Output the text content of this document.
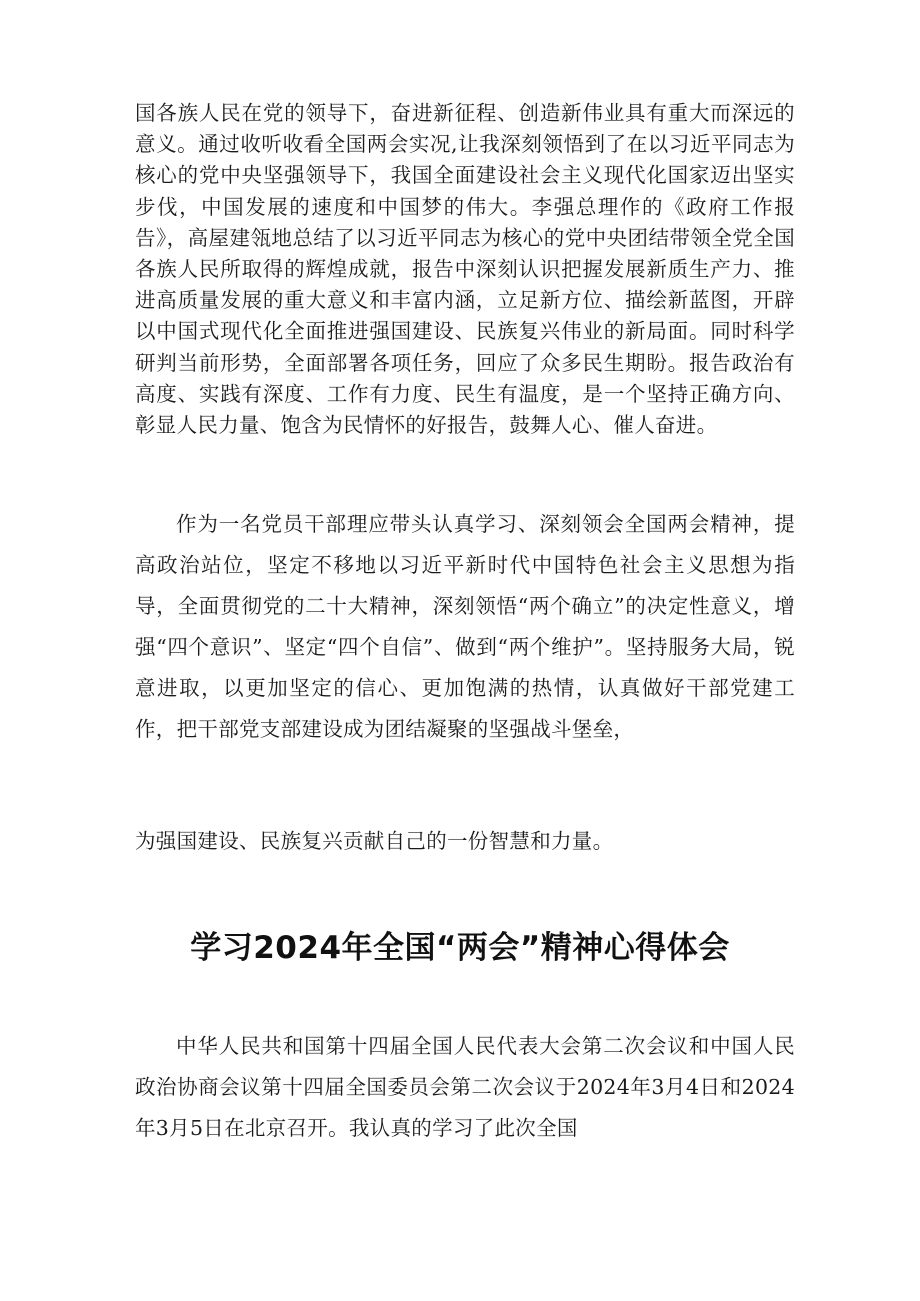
国各族人民在党的领导下，奋进新征程、创造新伟业具有重大而深远的意义。通过收听收看全国两会实况,让我深刻领悟到了在以习近平同志为核心的党中央坚强领导下，我国全面建设社会主义现代化国家迈出坚实步伐，中国发展的速度和中国梦的伟大。李强总理作的《政府工作报告》，高屋建瓴地总结了以习近平同志为核心的党中央团结带领全党全国各族人民所取得的辉煌成就，报告中深刻认识把握发展新质生产力、推进高质量发展的重大意义和丰富内涵，立足新方位、描绘新蓝图，开辟以中国式现代化全面推进强国建设、民族复兴伟业的新局面。同时科学研判当前形势，全面部署各项任务，回应了众多民生期盼。报告政治有高度、实践有深度、工作有力度、民生有温度，是一个坚持正确方向、彰显人民力量、饱含为民情怀的好报告，鼓舞人心、催人奋进。

作为一名党员干部理应带头认真学习、深刻领会全国两会精神，提高政治站位，坚定不移地以习近平新时代中国特色社会主义思想为指导，全面贯彻党的二十大精神，深刻领悟“两个确立”的决定性意义，增强“四个意识”、坚定“四个自信”、做到“两个维护”。坚持服务大局，锐意进取，以更加坚定的信心、更加饱满的热情，认真做好干部党建工作，把干部党支部建设成为团结凝聚的坚强战斗堡垒，

为强国建设、民族复兴贡献自己的一份智慧和力量。

学习2024年全国“两会”精神心得体会

中华人民共和国第十四届全国人民代表大会第二次会议和中国人民政治协商会议第十四届全国委员会第二次会议于2024年3月4日和2024年3月5日在北京召开。我认真的学习了此次全国
